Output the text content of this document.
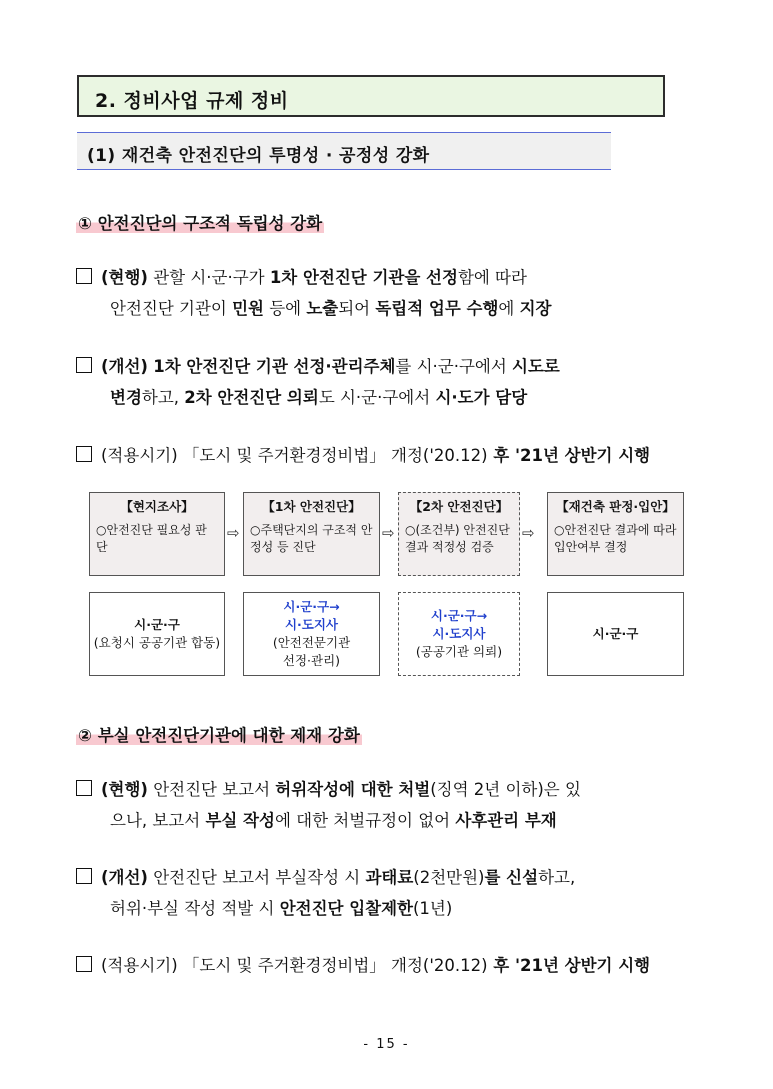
2. 정비사업 규제 정비
(1) 재건축 안전진단의 투명성 · 공정성 강화
① 안전진단의 구조적 독립성 강화
(현행) 관할 시·군·구가 1차 안전진단 기관을 선정함에 따라
안전진단 기관이 민원 등에 노출되어 독립적 업무 수행에 지장
(개선) 1차 안전진단 기관 선정·관리주체를 시·군·구에서 시도로
변경하고, 2차 안전진단 의뢰도 시·군·구에서 시·도가 담당
(적용시기) 「도시 및 주거환경정비법」 개정('20.12) 후 '21년 상반기 시행
【현지조사】
○안전진단 필요성 판단
⇨
【1차 안전진단】
○주택단지의 구조적 안정성 등 진단
⇨
【2차 안전진단】
○(조건부) 안전진단 결과 적정성 검증
⇨
【재건축 판정·입안】
○안전진단 결과에 따라 입안여부 결정
시·군·구
(요청시 공공기관 합동)
시·군·구→
시·도지사
(안전전문기관
선정·관리)
시·군·구→
시·도지사
(공공기관 의뢰)
시·군·구
② 부실 안전진단기관에 대한 제재 강화
(현행) 안전진단 보고서 허위작성에 대한 처벌(징역 2년 이하)은 있
으나, 보고서 부실 작성에 대한 처벌규정이 없어 사후관리 부재
(개선) 안전진단 보고서 부실작성 시 과태료(2천만원)를 신설하고,
허위·부실 작성 적발 시 안전진단 입찰제한(1년)
(적용시기) 「도시 및 주거환경정비법」 개정('20.12) 후 '21년 상반기 시행
- 15 -
